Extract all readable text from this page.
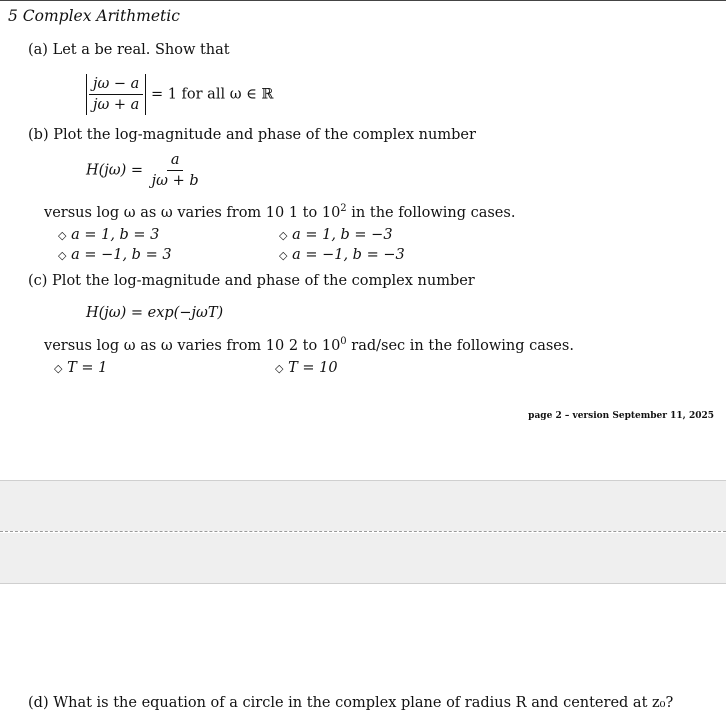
5 Complex Arithmetic
(a) Let a be real. Show that
$\frac{j\omega - a}{j\omega + a} = 1$ for all ω ∈ ℝ
(b) Plot the log-magnitude and phase of the complex number
$H(j\omega) = \frac{a}{j\omega + b}$
versus log ω as ω varies from 10 1 to $10^2$ in the following cases.
◇ a = 1, b = 3	◇ a = 1, b = −3
◇ a = −1, b = 3	◇ a = −1, b = −3
(c) Plot the log-magnitude and phase of the complex number
H(jω) = exp(−jωT)
versus log ω as ω varies from 10 2 to $10^0$ rad/sec in the following cases.
◇ T = 1	◇ T = 10
page 2 – version September 11, 2025
(d) What is the equation of a circle in the complex plane of radius R and centered at z₀?
